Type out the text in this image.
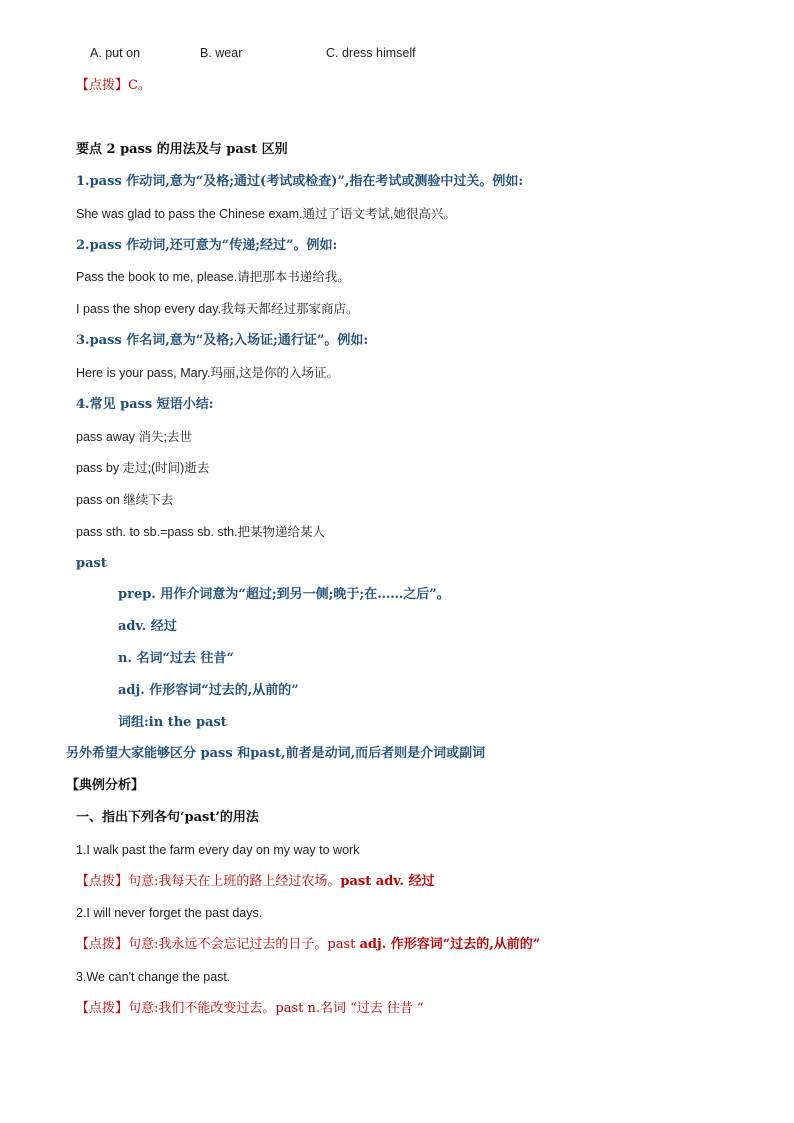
A. put on	B. wear	C. dress himself
【点拨】C。
要点 2 pass 的用法及与 past 区别
1.pass 作动词,意为“及格;通过(考试或检查)”,指在考试或测验中过关。例如:
She was glad to pass the Chinese exam.通过了语文考试,她很高兴。
2.pass 作动词,还可意为“传递;经过”。例如:
Pass the book to me, please.请把那本书递给我。
I pass the shop every day.我每天都经过那家商店。
3.pass 作名词,意为“及格;入场证;通行证”。例如:
Here is your pass, Mary.玛丽,这是你的入场证。
4.常见 pass 短语小结:
pass away 消失;去世
pass by 走过;(时间)逝去
pass on 继续下去
pass sth. to sb.=pass sb. sth.把某物递给某人
past
prep. 用作介词意为“超过;到另一侧;晚于;在……之后”。
adv. 经过
n. 名词“过去 往昔“
adj. 作形容词“过去的,从前的”
词组:in the past
另外希望大家能够区分 pass 和past,前者是动词,而后者则是介词或副词
【典例分析】
一、指出下列各句‘past’的用法
1.I walk past the farm every day on my way to work
【点拨】句意:我每天在上班的路上经过农场。past adv. 经过
2.I will never forget the past days.
【点拨】句意:我永远不会忘记过去的日子。past adj. 作形容词“过去的,从前的”
3.We can't change the past.
【点拨】句意:我们不能改变过去。past n.名词 “过去 往昔 “
